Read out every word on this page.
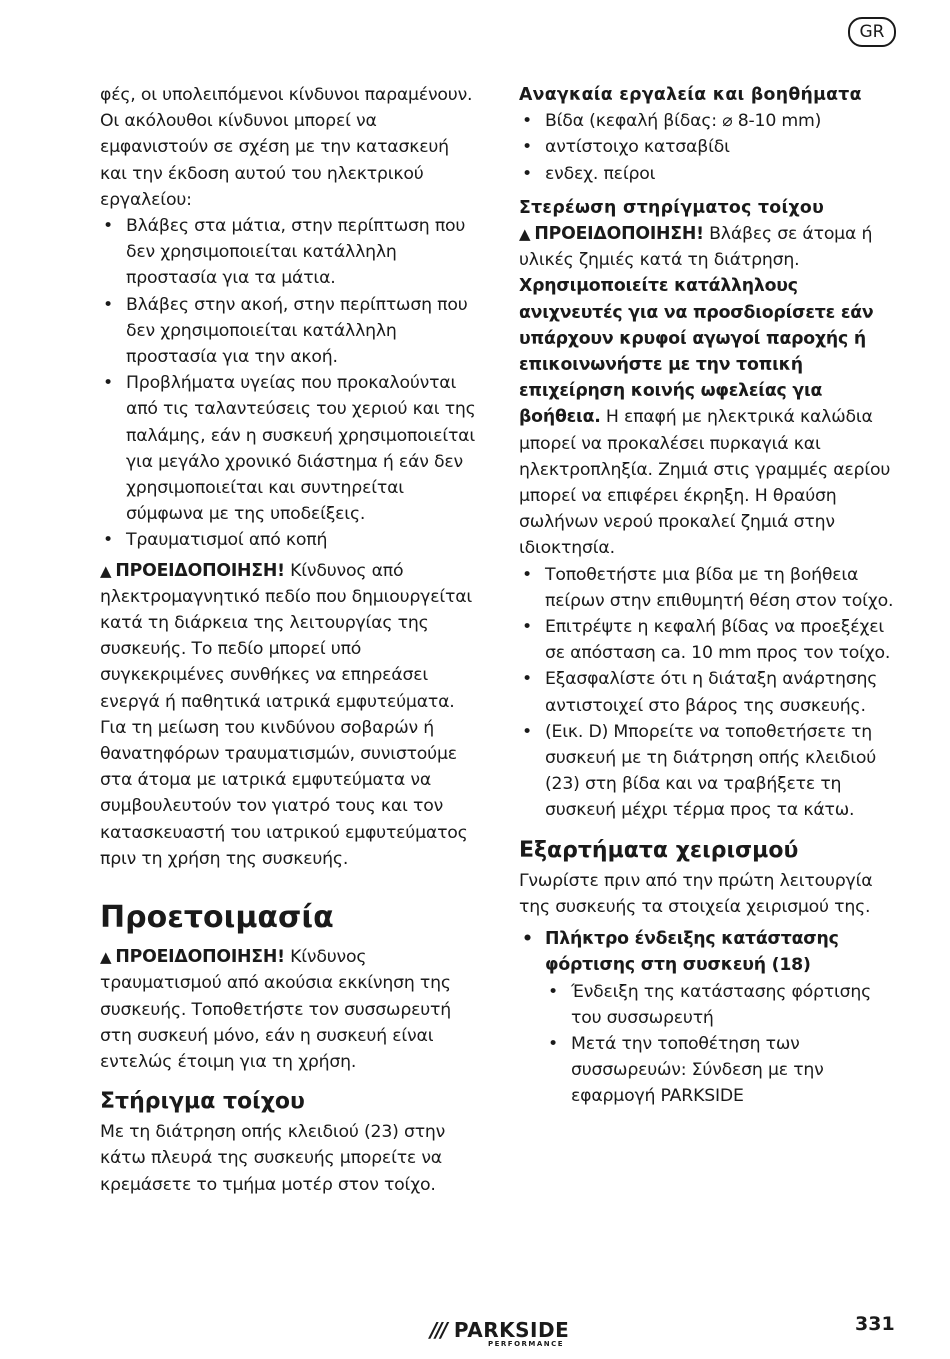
GR

φές, οι υπολειπόμενοι κίνδυνοι παραμένουν. Οι ακόλουθοι κίνδυνοι μπορεί να εμφανιστούν σε σχέση με την κατασκευή και την έκδοση αυτού του ηλεκτρικού εργαλείου:

• Βλάβες στα μάτια, στην περίπτωση που δεν χρησιμοποιείται κατάλληλη προστασία για τα μάτια.
• Βλάβες στην ακοή, στην περίπτωση που δεν χρησιμοποιείται κατάλληλη προστασία για την ακοή.
• Προβλήματα υγείας που προκαλούνται από τις ταλαντεύσεις του χεριού και της παλάμης, εάν η συσκευή χρησιμοποιείται για μεγάλο χρονικό διάστημα ή εάν δεν χρησιμοποιείται και συντηρείται σύμφωνα με της υποδείξεις.
• Τραυματισμοί από κοπή

▲ ΠΡΟΕΙΔΟΠΟΙΗΣΗ! Κίνδυνος από ηλεκτρομαγνητικό πεδίο που δημιουργείται κατά τη διάρκεια της λειτουργίας της συσκευής. Το πεδίο μπορεί υπό συγκεκριμένες συνθήκες να επηρεάσει ενεργά ή παθητικά ιατρικά εμφυτεύματα. Για τη μείωση του κινδύνου σοβαρών ή θανατηφόρων τραυματισμών, συνιστούμε στα άτομα με ιατρικά εμφυτεύματα να συμβουλευτούν τον γιατρό τους και τον κατασκευαστή του ιατρικού εμφυτεύματος πριν τη χρήση της συσκευής.

Προετοιμασία

▲ ΠΡΟΕΙΔΟΠΟΙΗΣΗ! Κίνδυνος τραυματισμού από ακούσια εκκίνηση της συσκευής. Τοποθετήστε τον συσσωρευτή στη συσκευή μόνο, εάν η συσκευή είναι εντελώς έτοιμη για τη χρήση.

Στήριγμα τοίχου

Με τη διάτρηση οπής κλειδιού (23) στην κάτω πλευρά της συσκευής μπορείτε να κρεμάσετε το τμήμα μοτέρ στον τοίχο.

Αναγκαία εργαλεία και βοηθήματα
• Βίδα (κεφαλή βίδας: ⌀ 8-10 mm)
• αντίστοιχο κατσαβίδι
• ενδεχ. πείροι
Στερέωση στηρίγματος τοίχου

▲ ΠΡΟΕΙΔΟΠΟΙΗΣΗ! Βλάβες σε άτομα ή υλικές ζημιές κατά τη διάτρηση. Χρησιμοποιείτε κατάλληλους ανιχνευτές για να προσδιορίσετε εάν υπάρχουν κρυφοί αγωγοί παροχής ή επικοινωνήστε με την τοπική επιχείρηση κοινής ωφελείας για βοήθεια. Η επαφή με ηλεκτρικά καλώδια μπορεί να προκαλέσει πυρκαγιά και ηλεκτροπληξία. Ζημιά στις γραμμές αερίου μπορεί να επιφέρει έκρηξη. Η θραύση σωλήνων νερού προκαλεί ζημιά στην ιδιοκτησία.

• Τοποθετήστε μια βίδα με τη βοήθεια πείρων στην επιθυμητή θέση στον τοίχο.
• Επιτρέψτε η κεφαλή βίδας να προεξέχει σε απόσταση ca. 10 mm προς τον τοίχο.
• Εξασφαλίστε ότι η διάταξη ανάρτησης αντιστοιχεί στο βάρος της συσκευής.
• (Εικ. D) Μπορείτε να τοποθετήσετε τη συσκευή με τη διάτρηση οπής κλειδιού (23) στη βίδα και να τραβήξετε τη συσκευή μέχρι τέρμα προς τα κάτω.
Εξαρτήματα χειρισμού

Γνωρίστε πριν από την πρώτη λειτουργία της συσκευής τα στοιχεία χειρισμού της.

• Πλήκτρο ένδειξης κατάστασης φόρτισης στη συσκευή (18)
• Ένδειξη της κατάστασης φόρτισης του συσσωρευτή
• Μετά την τοποθέτηση των συσσωρευών: Σύνδεση με την εφαρμογή PARKSIDE
/// PARKSIDE
PERFORMANCE
331
